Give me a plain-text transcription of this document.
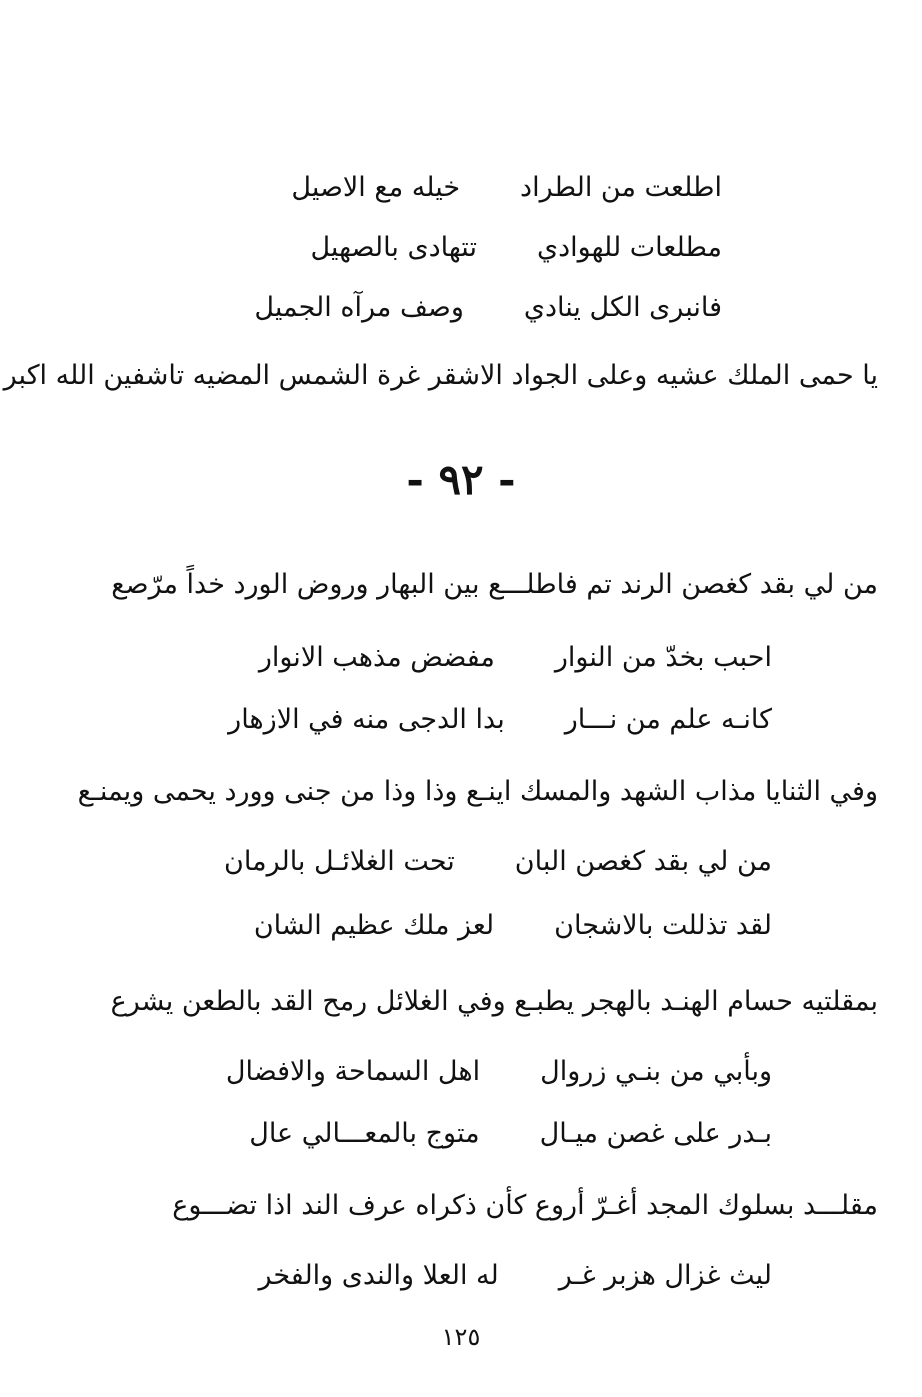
اطلعت من الطراد
خيله مع الاصيل
مطلعات للهوادي
تتهادى بالصهيل
فانبرى الكل ينادي
وصف مرآه الجميل
يا حمى الملك عشيه وعلى الجواد الاشقر غرة الشمس المضيه تاشفين الله اكبر
- ٩٢ -
من لي بقد كغصن الرند تم فاطلـــع بين البهار وروض الورد خداً مرّصع
احبب بخدّ من النوار
مفضض مذهب الانوار
كانـه علم من نـــار
بدا الدجى منه في الازهار
وفي الثنايا مذاب الشهد والمسك اينـع وذا وذا من جنى وورد يحمى ويمنـع
من لي بقد كغصن البان
تحت الغلائـل بالرمان
لقد تذللت بالاشجان
لعز ملك عظيم الشان
بمقلتيه حسام الهنـد بالهجر يطبـع وفي الغلائل رمح القد بالطعن يشرع
وبأبي من بنـي زروال
اهل السماحة والافضال
بـدر على غصن ميـال
متوج بالمعـــالي عال
مقلـــد بسلوك المجد أغـرّ أروع كأن ذكراه عرف الند اذا تضـــوع
ليث غزال هزبر غـر
له العلا والندى والفخر
١٢٥
